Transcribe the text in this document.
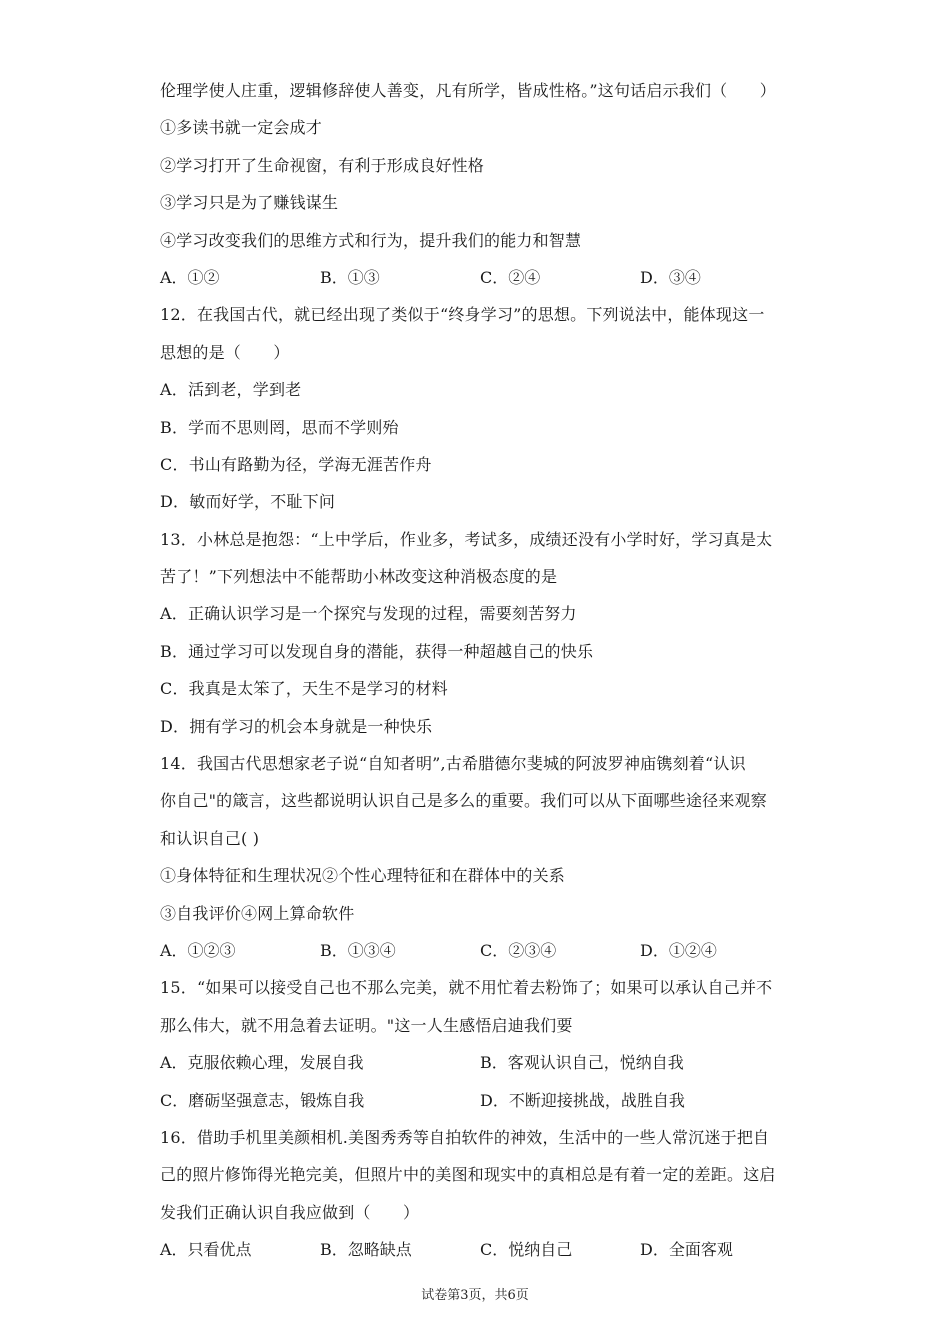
伦理学使人庄重，逻辑修辞使人善变，凡有所学，皆成性格。”这句话启示我们（　　）
①多读书就一定会成才
②学习打开了生命视窗，有利于形成良好性格
③学习只是为了赚钱谋生
④学习改变我们的思维方式和行为，提升我们的能力和智慧
A．①②	B．①③	C．②④	D．③④
12．在我国古代，就已经出现了类似于“终身学习”的思想。下列说法中，能体现这一
思想的是（　　）
A．活到老，学到老
B．学而不思则罔，思而不学则殆
C．书山有路勤为径，学海无涯苦作舟
D．敏而好学，不耻下问
13．小林总是抱怨：“上中学后，作业多，考试多，成绩还没有小学时好，学习真是太
苦了！”下列想法中不能帮助小林改变这种消极态度的是
A．正确认识学习是一个探究与发现的过程，需要刻苦努力
B．通过学习可以发现自身的潜能，获得一种超越自己的快乐
C．我真是太笨了，天生不是学习的材料
D．拥有学习的机会本身就是一种快乐
14．我国古代思想家老子说“自知者明”,古希腊德尔斐城的阿波罗神庙镌刻着“认识
你自己"的箴言，这些都说明认识自己是多么的重要。我们可以从下面哪些途径来观察
和认识自己( )
①身体特征和生理状况②个性心理特征和在群体中的关系
③自我评价④网上算命软件
A．①②③	B．①③④	C．②③④	D．①②④
15．“如果可以接受自己也不那么完美，就不用忙着去粉饰了；如果可以承认自己并不
那么伟大，就不用急着去证明。"这一人生感悟启迪我们要
A．克服依赖心理，发展自我	B．客观认识自己，悦纳自我
C．磨砺坚强意志，锻炼自我	D．不断迎接挑战，战胜自我
16．借助手机里美颜相机.美图秀秀等自拍软件的神效，生活中的一些人常沉迷于把自
己的照片修饰得光艳完美，但照片中的美图和现实中的真相总是有着一定的差距。这启
发我们正确认识自我应做到（　　）
A．只看优点	B．忽略缺点	C．悦纳自己	D．全面客观
试卷第3页，共6页
